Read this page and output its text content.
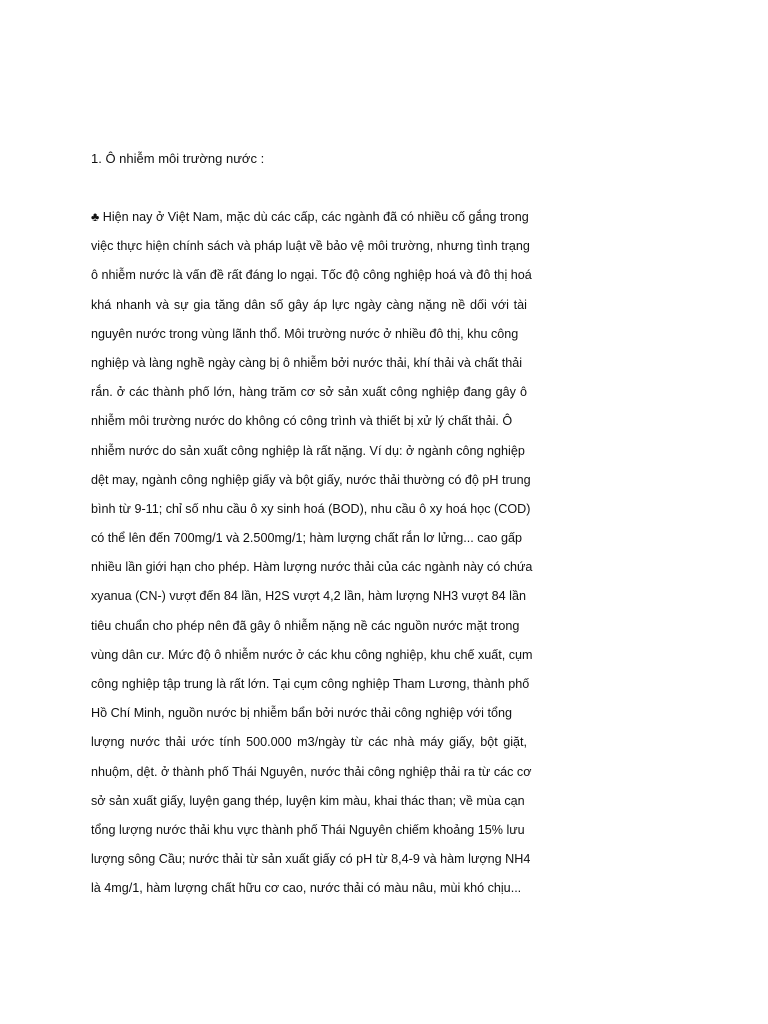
1. Ô nhiễm môi trường nước :
♣ Hiện nay ở Việt Nam, mặc dù các cấp, các ngành đã có nhiều cố gắng trong
việc thực hiện chính sách và pháp luật về bảo vệ môi trường, nhưng tình trạng
ô nhiễm nước là vấn đề rất đáng lo ngại. Tốc độ công nghiệp hoá và đô thị hoá
khá nhanh và sự gia tăng dân số gây áp lực ngày càng nặng nề dối với tài
nguyên nước trong vùng lãnh thổ. Môi trường nước ở nhiều đô thị, khu công
nghiệp và làng nghề ngày càng bị ô nhiễm bởi nước thải, khí thải và chất thải
rắn. ở các thành phố lớn, hàng trăm cơ sở sản xuất công nghiệp đang gây ô
nhiễm môi trường nước do không có công trình và thiết bị xử lý chất thải. Ô
nhiễm nước do sản xuất công nghiệp là rất nặng. Ví dụ: ở ngành công nghiệp
dệt may, ngành công nghiệp giấy và bột giấy, nước thải thường có độ pH trung
bình từ 9-11; chỉ số nhu cầu ô xy sinh hoá (BOD), nhu cầu ô xy hoá học (COD)
có thể lên đến 700mg/1 và 2.500mg/1; hàm lượng chất rắn lơ lửng... cao gấp
nhiều lần giới hạn cho phép. Hàm lượng nước thải của các ngành này có chứa
xyanua (CN-) vượt đến 84 lần, H2S vượt 4,2 lần, hàm lượng NH3 vượt 84 lần
tiêu chuẩn cho phép nên đã gây ô nhiễm nặng nề các nguồn nước mặt trong
vùng dân cư. Mức độ ô nhiễm nước ở các khu công nghiệp, khu chế xuất, cụm
công nghiệp tập trung là rất lớn. Tại cụm công nghiệp Tham Lương, thành phố
Hồ Chí Minh, nguồn nước bị nhiễm bẩn bởi nước thải công nghiệp với tổng
lượng nước thải ước tính 500.000 m3/ngày từ các nhà máy giấy, bột giặt,
nhuộm, dệt. ở thành phố Thái Nguyên, nước thải công nghiệp thải ra từ các cơ
sở sản xuất giấy, luyện gang thép, luyện kim màu, khai thác than; về mùa cạn
tổng lượng nước thải khu vực thành phố Thái Nguyên chiếm khoảng 15% lưu
lượng sông Cầu; nước thải từ sản xuất giấy có pH từ 8,4-9 và hàm lượng NH4
là 4mg/1, hàm lượng chất hữu cơ cao, nước thải có màu nâu, mùi khó chịu...
